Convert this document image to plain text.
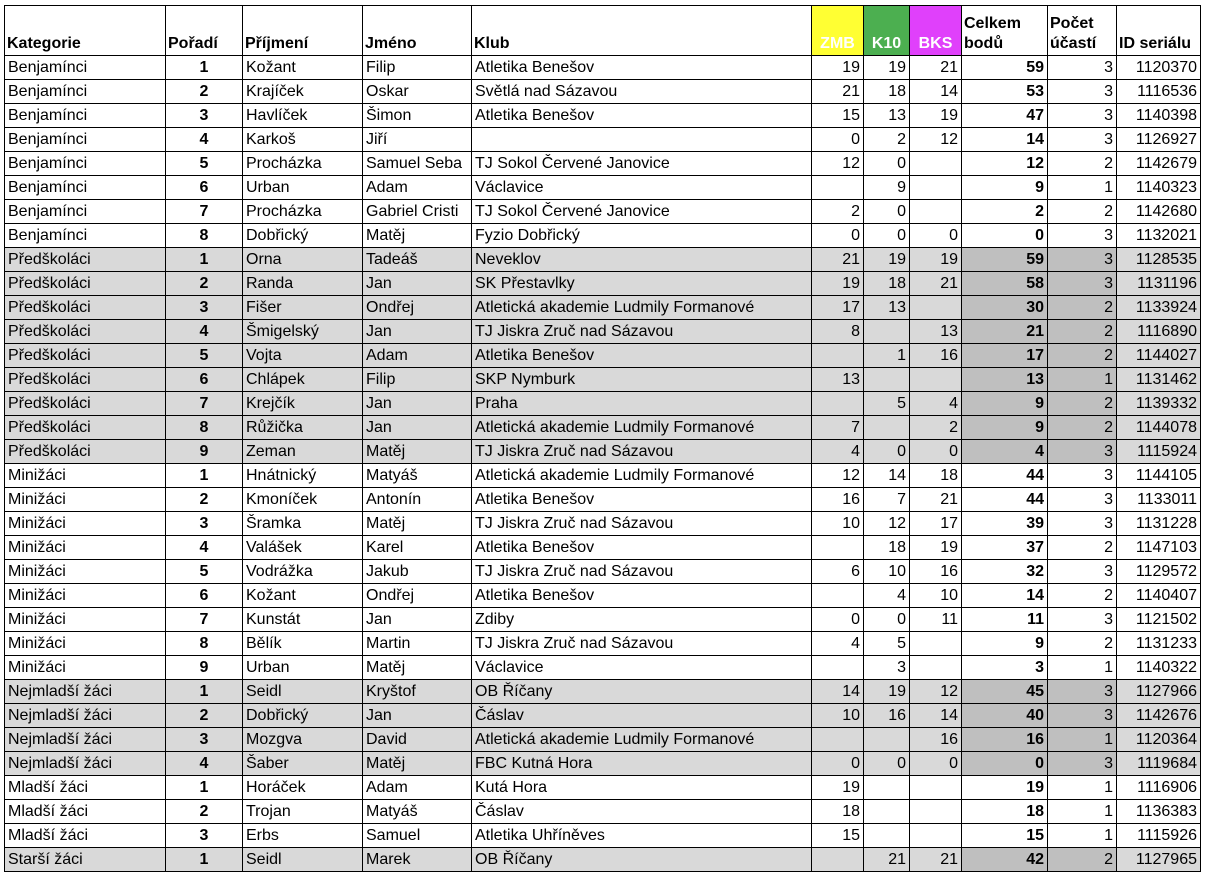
Kategorie	Pořadí	Příjmení	Jméno	Klub	ZMB	K10	BKS	Celkem bodů	Počet účastí	ID seriálu
Benjamínci	1	Kožant	Filip	Atletika Benešov	19	19	21	59	3	1120370
Benjamínci	2	Krajíček	Oskar	Světlá nad Sázavou	21	18	14	53	3	1116536
Benjamínci	3	Havlíček	Šimon	Atletika Benešov	15	13	19	47	3	1140398
Benjamínci	4	Karkoš	Jiří		0	2	12	14	3	1126927
Benjamínci	5	Procházka	Samuel Seba	TJ Sokol Červené Janovice	12	0		12	2	1142679
Benjamínci	6	Urban	Adam	Václavice		9		9	1	1140323
Benjamínci	7	Procházka	Gabriel Cristi	TJ Sokol Červené Janovice	2	0		2	2	1142680
Benjamínci	8	Dobřický	Matěj	Fyzio Dobřický	0	0	0	0	3	1132021
Předškoláci	1	Orna	Tadeáš	Neveklov	21	19	19	59	3	1128535
Předškoláci	2	Randa	Jan	SK Přestavlky	19	18	21	58	3	1131196
Předškoláci	3	Fišer	Ondřej	Atletická akademie Ludmily Formanové	17	13		30	2	1133924
Předškoláci	4	Šmigelský	Jan	TJ Jiskra Zruč nad Sázavou	8		13	21	2	1116890
Předškoláci	5	Vojta	Adam	Atletika Benešov		1	16	17	2	1144027
Předškoláci	6	Chlápek	Filip	SKP Nymburk	13			13	1	1131462
Předškoláci	7	Krejčík	Jan	Praha		5	4	9	2	1139332
Předškoláci	8	Růžička	Jan	Atletická akademie Ludmily Formanové	7		2	9	2	1144078
Předškoláci	9	Zeman	Matěj	TJ Jiskra Zruč nad Sázavou	4	0	0	4	3	1115924
Minižáci	1	Hnátnický	Matyáš	Atletická akademie Ludmily Formanové	12	14	18	44	3	1144105
Minižáci	2	Kmoníček	Antonín	Atletika Benešov	16	7	21	44	3	1133011
Minižáci	3	Šramka	Matěj	TJ Jiskra Zruč nad Sázavou	10	12	17	39	3	1131228
Minižáci	4	Valášek	Karel	Atletika Benešov		18	19	37	2	1147103
Minižáci	5	Vodrážka	Jakub	TJ Jiskra Zruč nad Sázavou	6	10	16	32	3	1129572
Minižáci	6	Kožant	Ondřej	Atletika Benešov		4	10	14	2	1140407
Minižáci	7	Kunstát	Jan	Zdiby	0	0	11	11	3	1121502
Minižáci	8	Bělík	Martin	TJ Jiskra Zruč nad Sázavou	4	5		9	2	1131233
Minižáci	9	Urban	Matěj	Václavice		3		3	1	1140322
Nejmladší žáci	1	Seidl	Kryštof	OB Říčany	14	19	12	45	3	1127966
Nejmladší žáci	2	Dobřický	Jan	Čáslav	10	16	14	40	3	1142676
Nejmladší žáci	3	Mozgva	David	Atletická akademie Ludmily Formanové			16	16	1	1120364
Nejmladší žáci	4	Šaber	Matěj	FBC Kutná Hora	0	0	0	0	3	1119684
Mladší žáci	1	Horáček	Adam	Kutá Hora	19			19	1	1116906
Mladší žáci	2	Trojan	Matyáš	Čáslav	18			18	1	1136383
Mladší žáci	3	Erbs	Samuel	Atletika Uhříněves	15			15	1	1115926
Starší žáci	1	Seidl	Marek	OB Říčany		21	21	42	2	1127965
